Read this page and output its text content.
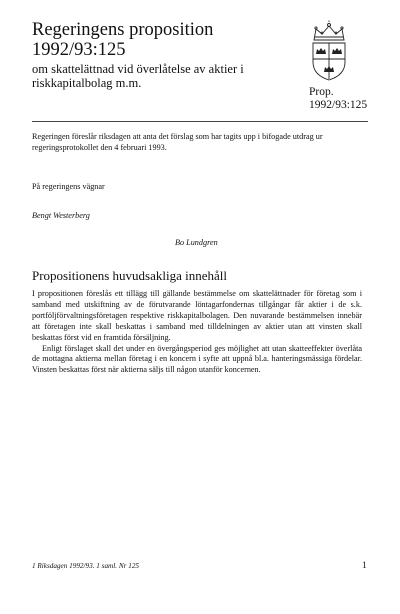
Regeringens proposition
1992/93:125
om skattelättnad vid överlåtelse av aktier i
riskkapitalbolag m.m.
Prop.
1992/93:125
Regeringen föreslår riksdagen att anta det förslag som har tagits upp i bifogade utdrag ur regeringsprotokollet den 4 februari 1993.
På regeringens vägnar
Bengt Westerberg
Bo Lundgren
Propositionens huvudsakliga innehåll

I propositionen föreslås ett tillägg till gällande bestämmelse om skattelättnader för företag som i samband med utskiftning av de förutvarande löntagarfondernas tillgångar får aktier i de s.k. portföljförvaltningsföretagen respektive riskkapitalbolagen. Den nuvarande bestämmelsen innebär att företagen inte skall beskattas i samband med tilldelningen av aktier utan att vinsten skall beskattas först vid en framtida försäljning.

Enligt förslaget skall det under en övergångsperiod ges möjlighet att utan skatteeffekter överlåta de mottagna aktierna mellan företag i en koncern i syfte att uppnå bl.a. hanteringsmässiga fördelar. Vinsten beskattas först när aktierna säljs till någon utanför koncernen.

1 Riksdagen 1992/93. 1 saml. Nr 125	1
